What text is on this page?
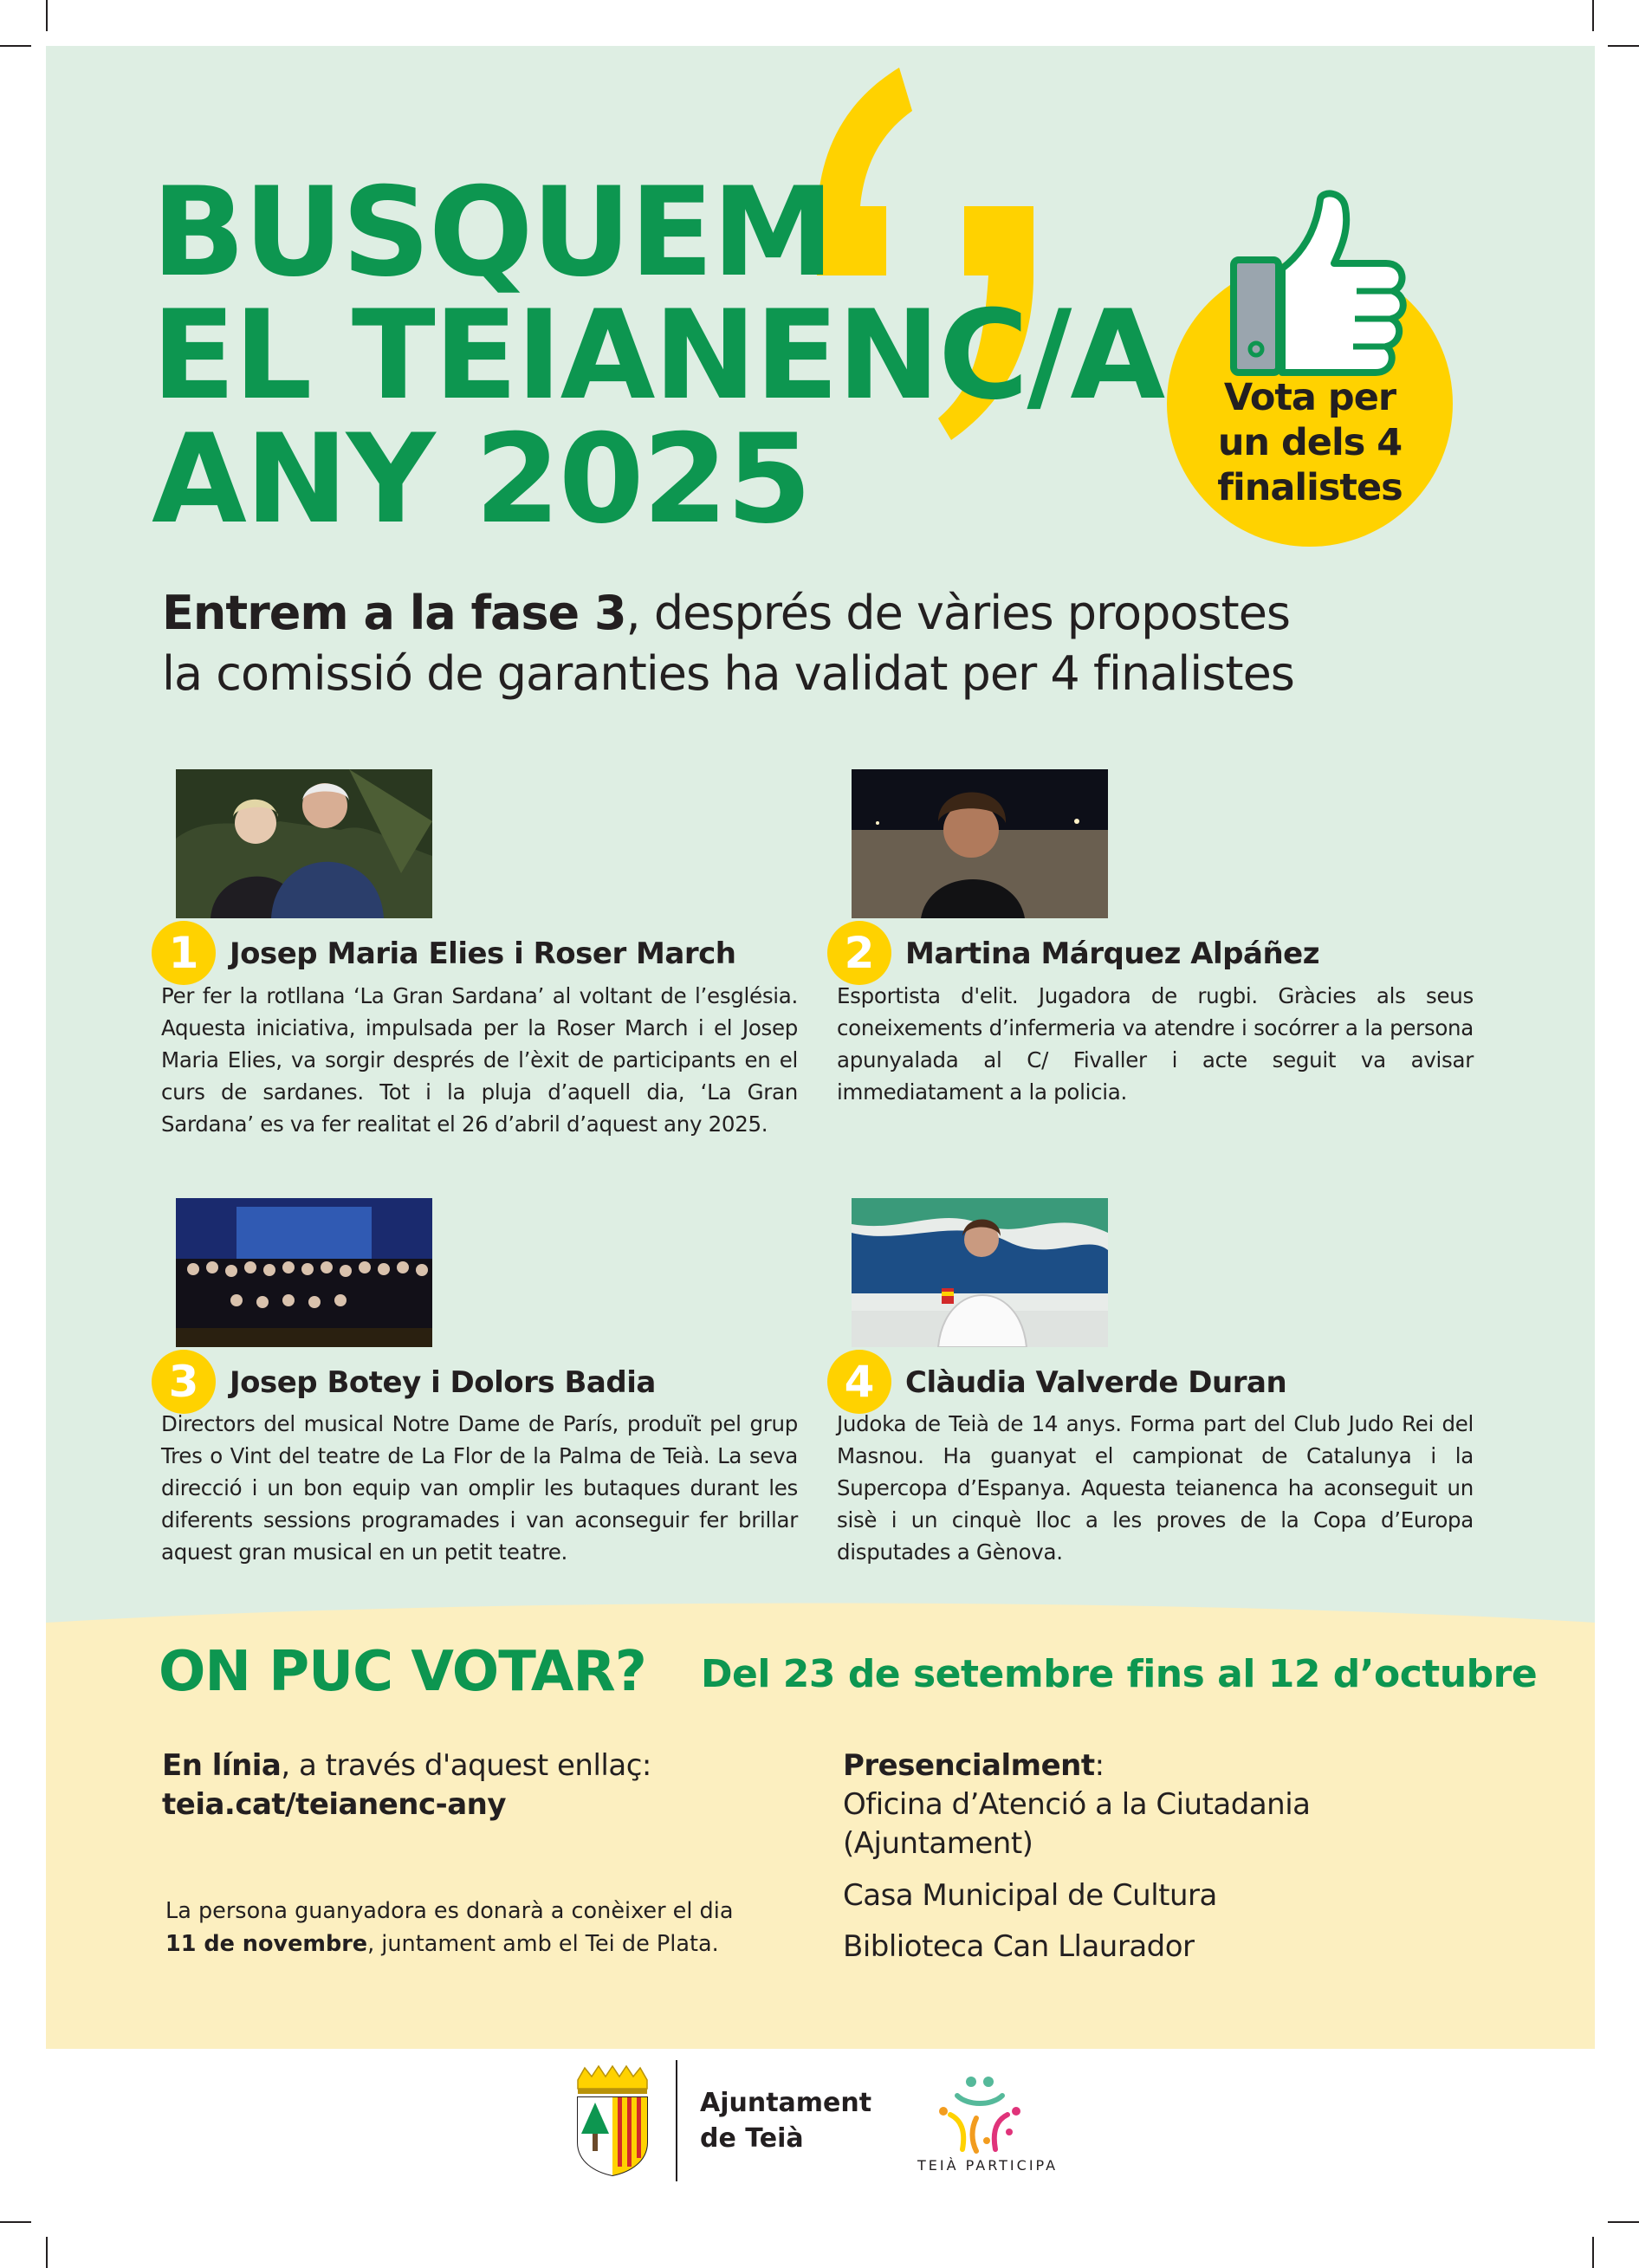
BUSQUEM
EL TEIANENC/A
ANY 2025

Vota per
un dels 4
finalistes

Entrem a la fase 3, després de vàries propostes
la comissió de garanties ha validat per 4 finalistes

1	Josep Maria Elies i Roser March

Per fer la rotllana ‘La Gran Sardana’ al voltant de l’església. Aquesta iniciativa, impulsada per la Roser March i el Josep Maria Elies, va sorgir després de l’èxit de participants en el curs de sardanes. Tot i la pluja d’aquell dia, ‘La Gran Sardana’ es va fer realitat el 26 d’abril d’aquest any 2025.

2	Martina Márquez Alpáñez

Esportista d'elit. Jugadora de rugbi. Gràcies als seus coneixements d’infermeria va atendre i socórrer a la persona apunyalada al C/ Fivaller i acte seguit va avisar immediatament a la policia.

3	Josep Botey i Dolors Badia

Directors del musical Notre Dame de París, produït pel grup Tres o Vint del teatre de La Flor de la Palma de Teià. La seva direcció i un bon equip van omplir les butaques durant les diferents sessions programades i van aconseguir fer brillar aquest gran musical en un petit teatre.

4	Clàudia Valverde Duran

Judoka de Teià de 14 anys. Forma part del Club Judo Rei del Masnou. Ha guanyat el campionat de Catalunya i la Supercopa d’Espanya. Aquesta teianenca ha aconseguit un sisè i un cinquè lloc a les proves de la Copa d’Europa disputades a Gènova.

ON PUC VOTAR? Del 23 de setembre fins al 12 d’octubre

En línia, a través d'aquest enllaç:

teia.cat/teianenc-any

La persona guanyadora es donarà a conèixer el dia

11 de novembre, juntament amb el Tei de Plata.

Presencialment:

Oficina d’Atenció a la Ciutadania

(Ajuntament)

Casa Municipal de Cultura

Biblioteca Can Llaurador

Ajuntament
de Teià

TEIÀ PARTICIPA
